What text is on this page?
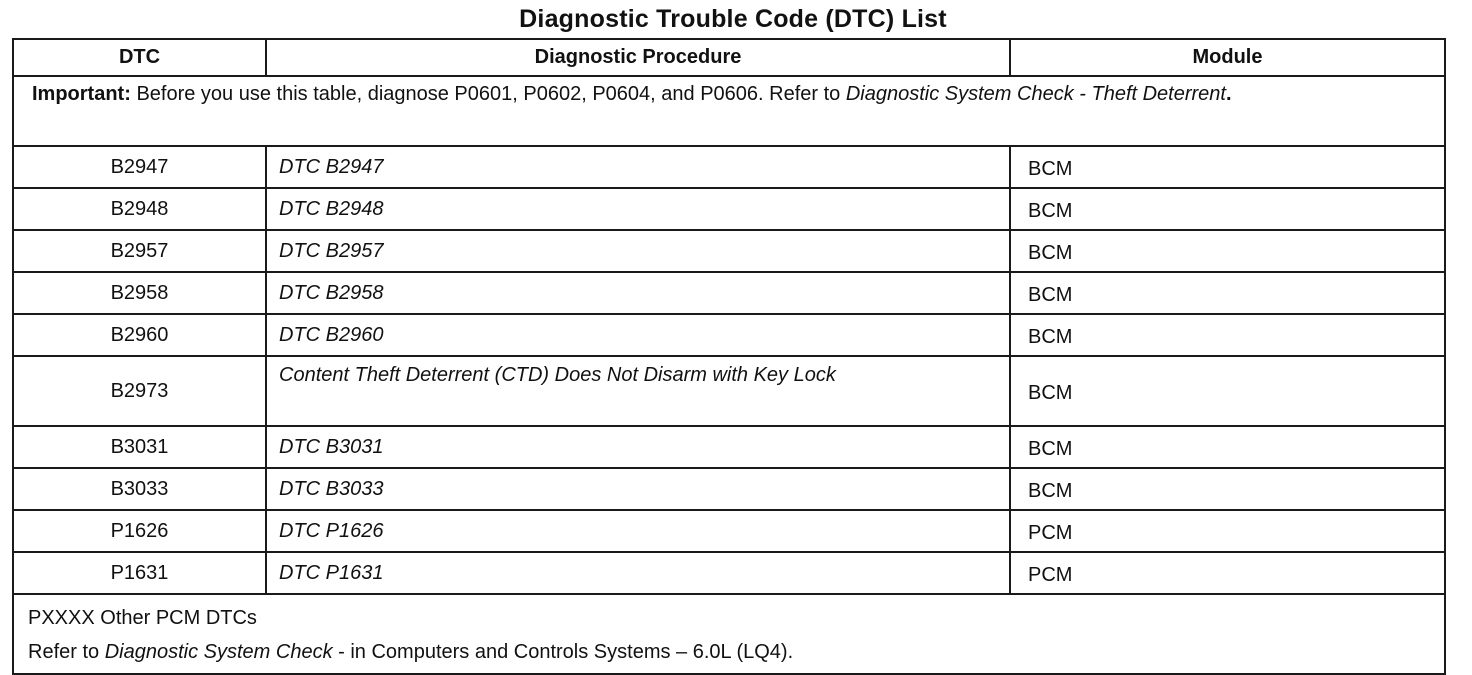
Diagnostic Trouble Code (DTC) List
DTC	Diagnostic Procedure	Module
Important: Before you use this table, diagnose P0601, P0602, P0604, and P0606. Refer to Diagnostic System Check - Theft Deterrent.		
B2947	DTC B2947	BCM
B2948	DTC B2948	BCM
B2957	DTC B2957	BCM
B2958	DTC B2958	BCM
B2960	DTC B2960	BCM
B2973	Content Theft Deterrent (CTD) Does Not Disarm with Key Lock	BCM
B3031	DTC B3031	BCM
B3033	DTC B3033	BCM
P1626	DTC P1626	PCM
P1631	DTC P1631	PCM

PXXXX Other PCM DTCs
Refer to Diagnostic System Check - in Computers and Controls Systems – 6.0L (LQ4).		
